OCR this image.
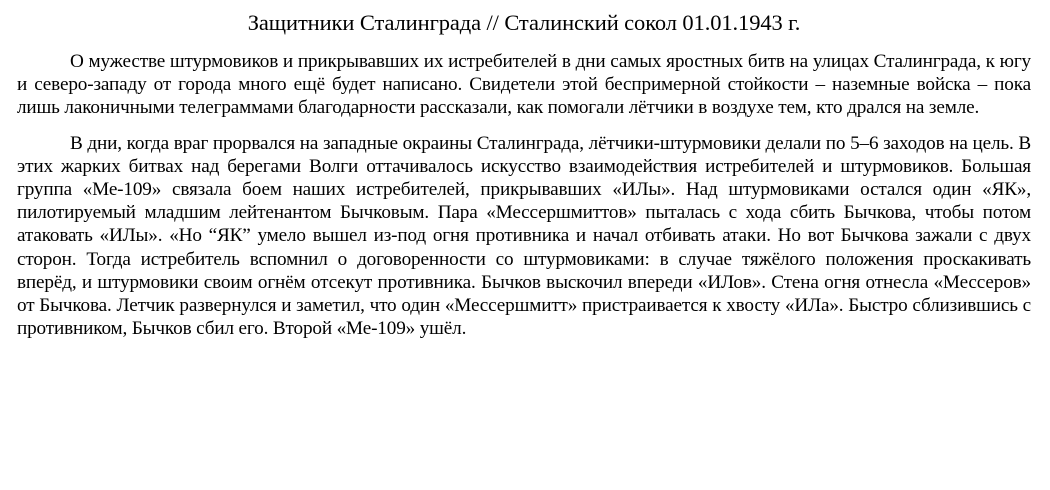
Защитники Сталинграда // Сталинский сокол 01.01.1943 г.

О мужестве штурмовиков и прикрывавших их истребителей в дни самых яростных битв на улицах Сталинграда, к югу и северо-западу от города много ещё будет написано. Свидетели этой беспримерной стойкости – наземные войска – пока лишь лаконичными телеграммами благодарности рассказали, как помогали лётчики в воздухе тем, кто дрался на земле.

В дни, когда враг прорвался на западные окраины Сталинграда, лётчики-штурмовики делали по 5–6 заходов на цель. В этих жарких битвах над берегами Волги оттачивалось искусство взаимодействия истребителей и штурмовиков. Большая группа «Ме-109» связала боем наших истребителей, прикрывавших «ИЛы». Над штурмовиками остался один «ЯК», пилотируемый младшим лейтенантом Бычковым. Пара «Мессершмиттов» пыталась с хода сбить Бычкова, чтобы потом атаковать «ИЛы». «Но “ЯК” умело вышел из-под огня противника и начал отбивать атаки. Но вот Бычкова зажали с двух сторон. Тогда истребитель вспомнил о договоренности со штурмовиками: в случае тяжёлого положения проскакивать вперёд, и штурмовики своим огнём отсекут противника. Бычков выскочил впереди «ИЛов». Стена огня отнесла «Мессеров» от Бычкова. Летчик развернулся и заметил, что один «Мессершмитт» пристраивается к хвосту «ИЛа». Быстро сблизившись с противником, Бычков сбил его. Второй «Ме-109» ушёл.
